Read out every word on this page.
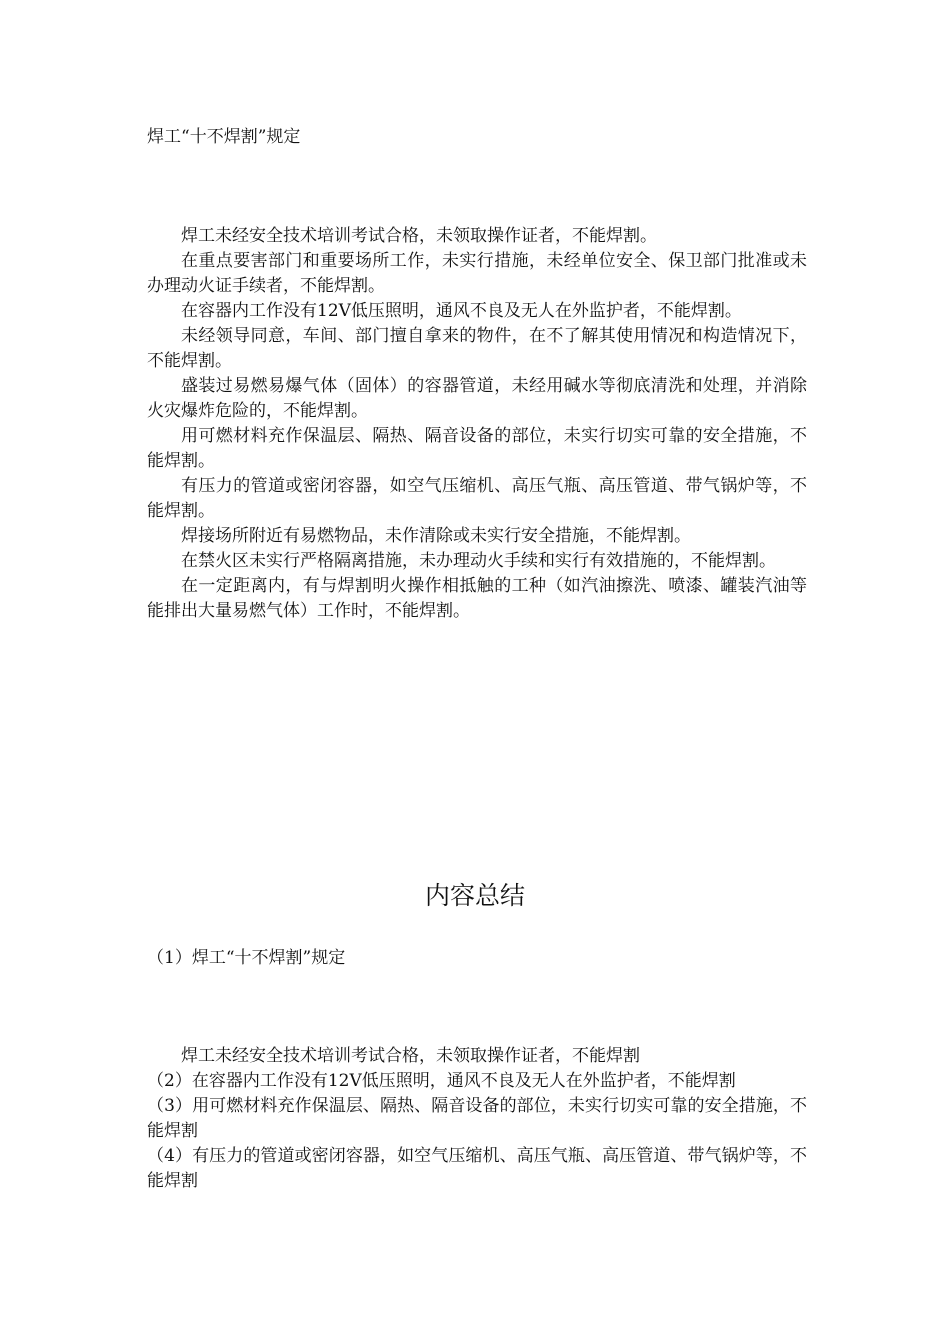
焊工“十不焊割”规定
焊工未经安全技术培训考试合格，未领取操作证者，不能焊割。
在重点要害部门和重要场所工作，未实行措施，未经单位安全、保卫部门批准或未办理动火证手续者，不能焊割。
在容器内工作没有12V低压照明，通风不良及无人在外监护者，不能焊割。
未经领导同意，车间、部门擅自拿来的物件，在不了解其使用情况和构造情况下，不能焊割。
盛装过易燃易爆气体（固体）的容器管道，未经用碱水等彻底清洗和处理，并消除火灾爆炸危险的，不能焊割。
用可燃材料充作保温层、隔热、隔音设备的部位，未实行切实可靠的安全措施，不能焊割。
有压力的管道或密闭容器，如空气压缩机、高压气瓶、高压管道、带气锅炉等，不能焊割。
焊接场所附近有易燃物品，未作清除或未实行安全措施，不能焊割。
在禁火区未实行严格隔离措施，未办理动火手续和实行有效措施的，不能焊割。
在一定距离内，有与焊割明火操作相抵触的工种（如汽油擦洗、喷漆、罐装汽油等能排出大量易燃气体）工作时，不能焊割。
内容总结

（1）焊工“十不焊割”规定

焊工未经安全技术培训考试合格，未领取操作证者，不能焊割

（2）在容器内工作没有12V低压照明，通风不良及无人在外监护者，不能焊割

（3）用可燃材料充作保温层、隔热、隔音设备的部位，未实行切实可靠的安全措施，不能焊割

（4）有压力的管道或密闭容器，如空气压缩机、高压气瓶、高压管道、带气锅炉等，不能焊割
